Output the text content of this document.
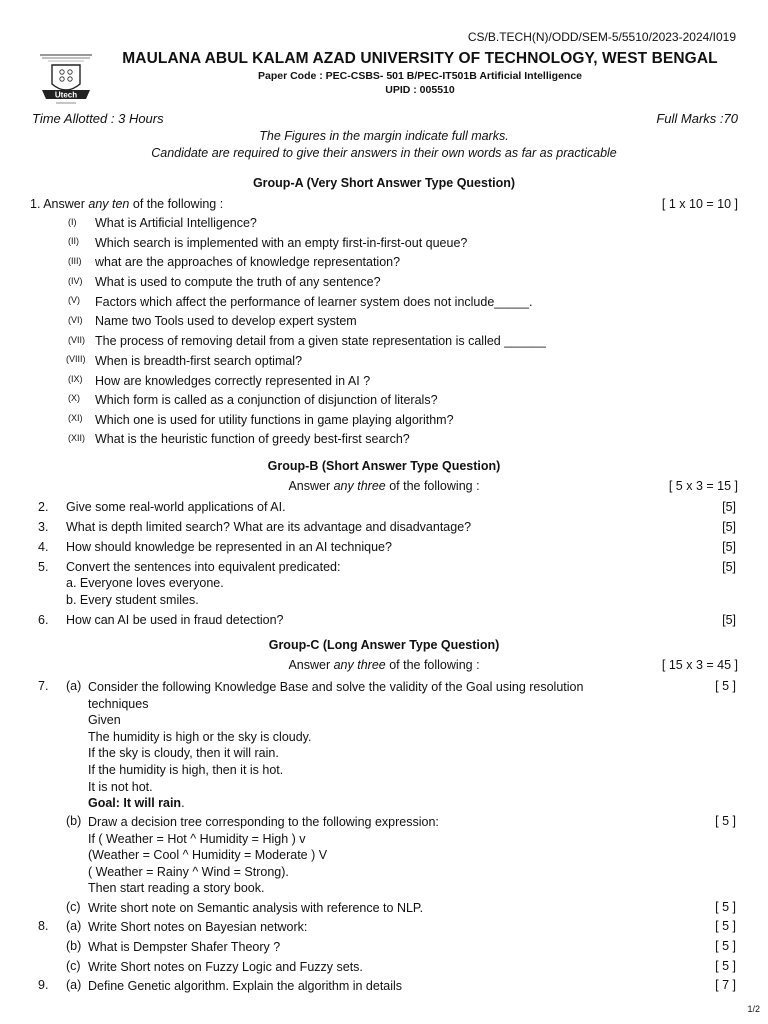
CS/B.TECH(N)/ODD/SEM-5/5510/2023-2024/I019
Utech
MAULANA ABUL KALAM AZAD UNIVERSITY OF TECHNOLOGY, WEST BENGAL
Paper Code : PEC-CSBS- 501 B/PEC-IT501B Artificial Intelligence
UPID : 005510
Time Allotted : 3 Hours	Full Marks :70
The Figures in the margin indicate full marks.
Candidate are required to give their answers in their own words as far as practicable
Group-A (Very Short Answer Type Question)
1. Answer any ten of the following :	[ 1 x 10 = 10 ]
(I) What is Artificial Intelligence?
(II) Which search is implemented with an empty first-in-first-out queue?
(III) what are the approaches of knowledge representation?
(IV) What is used to compute the truth of any sentence?
(V) Factors which affect the performance of learner system does not include_____.
(VI) Name two Tools used to develop expert system
(VII) The process of removing detail from a given state representation is called ______
(VIII) When is breadth-first search optimal?
(IX) How are knowledges correctly represented in AI ?
(X) Which form is called as a conjunction of disjunction of literals?
(XI) Which one is used for utility functions in game playing algorithm?
(XII) What is the heuristic function of greedy best-first search?
Group-B (Short Answer Type Question)
Answer any three of the following :	[ 5 x 3 = 15 ]
2. Give some real-world applications of AI.	[5]
3. What is depth limited search? What are its advantage and disadvantage?	[5]
4. How should knowledge be represented in an AI technique?	[5]
5. Convert the sentences into equivalent predicated:
a. Everyone loves everyone.
b. Every student smiles.
[5]
6. How can AI be used in fraud detection?	[5]
Group-C (Long Answer Type Question)
Answer any three of the following :	[ 15 x 3 = 45 ]
7. (a) Consider the following Knowledge Base and solve the validity of the Goal using resolution
techniques
Given
The humidity is high or the sky is cloudy.
If the sky is cloudy, then it will rain.
If the humidity is high, then it is hot.
It is not hot.
Goal: It will rain.
[ 5 ]
(b) Draw a decision tree corresponding to the following expression:
If ( Weather = Hot ^ Humidity = High ) v
(Weather = Cool ^ Humidity = Moderate ) V
( Weather = Rainy ^ Wind = Strong).
Then start reading a story book.
[ 5 ]
(c) Write short note on Semantic analysis with reference to NLP.	[ 5 ]
8. (a) Write Short notes on Bayesian network:	[ 5 ]
(b) What is Dempster Shafer Theory ?	[ 5 ]
(c) Write Short notes on Fuzzy Logic and Fuzzy sets.	[ 5 ]
9. (a) Define Genetic algorithm. Explain the algorithm in details	[ 7 ]
1/2
